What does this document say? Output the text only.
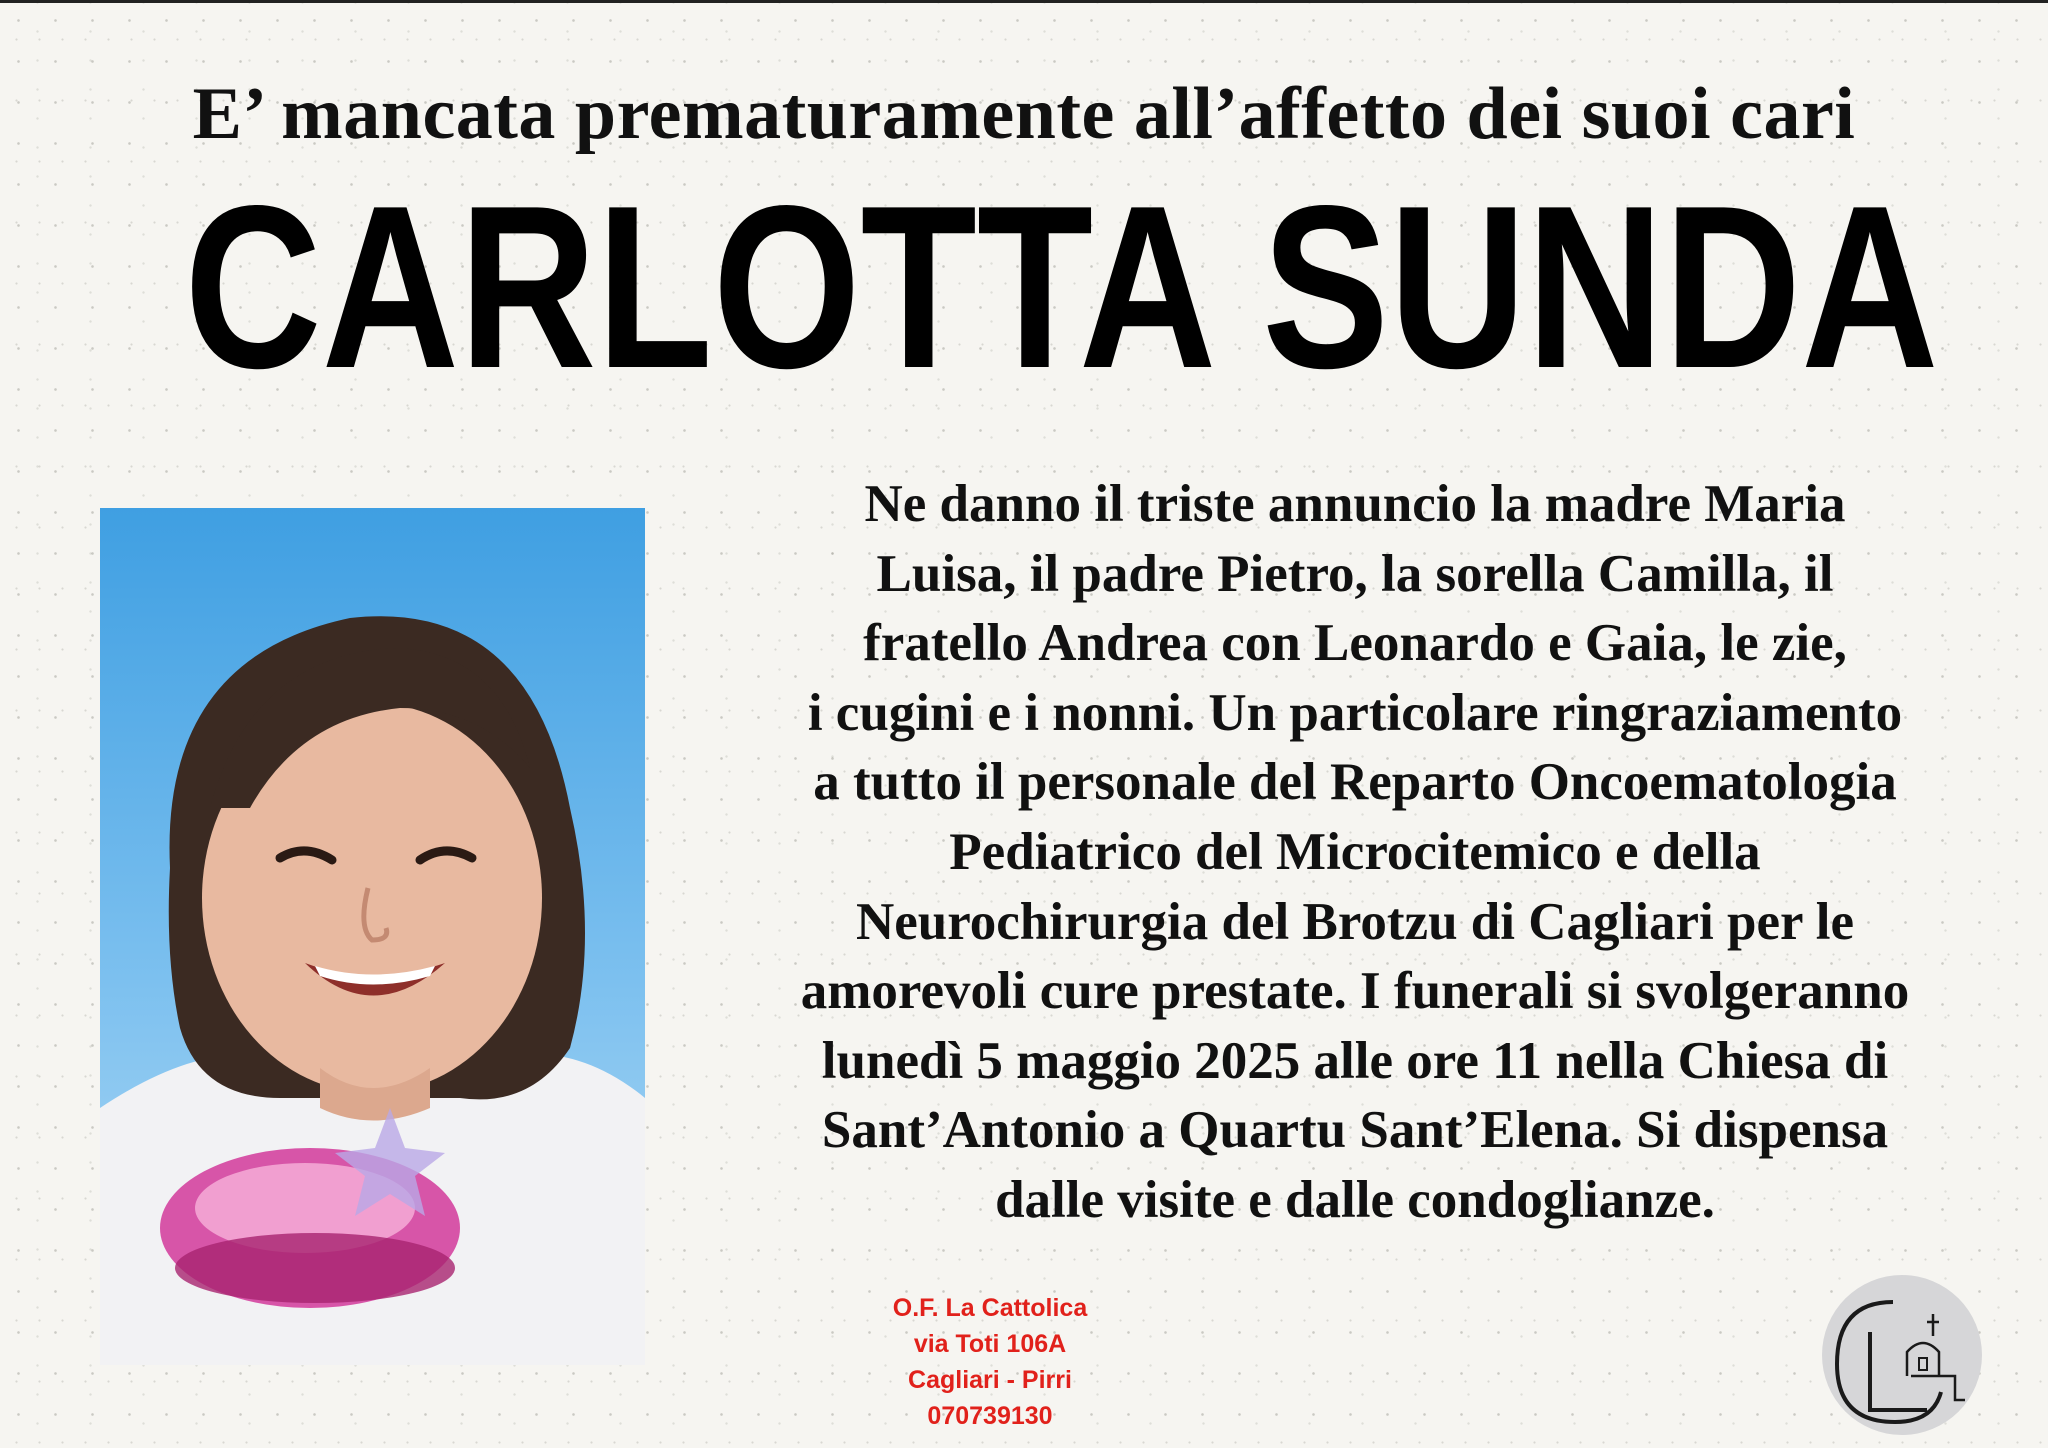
E’ mancata prematuramente all’affetto dei suoi cari
CARLOTTA SUNDA
Ne danno il triste annuncio la madre Maria
Luisa, il padre Pietro, la sorella Camilla, il
fratello Andrea con Leonardo e Gaia, le zie,
i cugini e i nonni. Un particolare ringraziamento
a tutto il personale del Reparto Oncoematologia
Pediatrico del Microcitemico e della
Neurochirurgia del Brotzu di Cagliari per le
amorevoli cure prestate. I funerali si svolgeranno
lunedì 5 maggio 2025 alle ore 11 nella Chiesa di
Sant’Antonio a Quartu Sant’Elena. Si dispensa
dalle visite e dalle condoglianze.
O.F. La Cattolica
via Toti 106A
Cagliari - Pirri
070739130
